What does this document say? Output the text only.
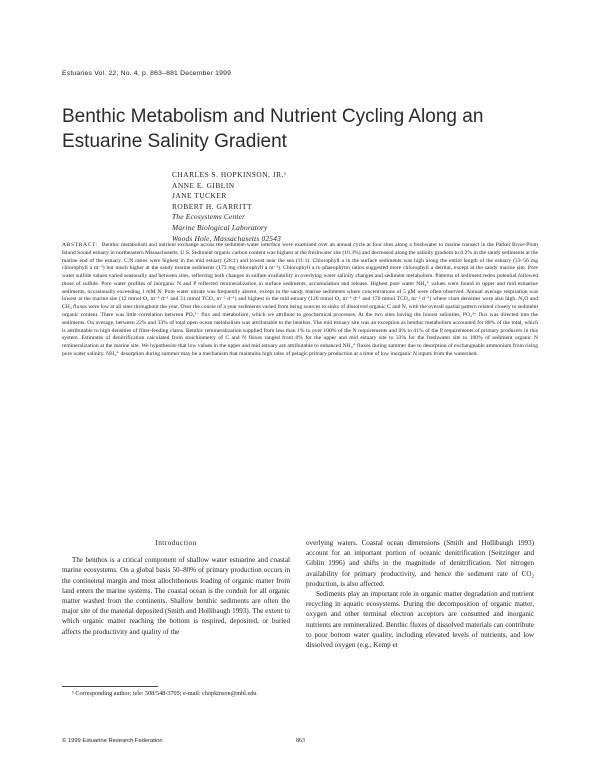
Estuaries Vol. 22, No. 4, p. 863–881 December 1999
Benthic Metabolism and Nutrient Cycling Along an Estuarine Salinity Gradient
CHARLES S. HOPKINSON, JR.¹
ANNE E. GIBLIN
JANE TUCKER
ROBERT H. GARRITT
The Ecosystems Center
Marine Biological Laboratory
Woods Hole, Massachusetts 02543

ABSTRACT: Benthic metabolism and nutrient exchange across the sediment-water interface were examined over an annual cycle at four sites along a freshwater to marine transect in the Parker River-Plum Island Sound estuary in northeastern Massachusetts. U.S. Sediment organic carbon content was highest at the freshwater site (10.3%) and decreased along the salinity gradient to 0.2% in the sandy sediments at the marine end of the estuary. C:N ratios were highest in the mid estuary (28:1) and lowest near the sea (11:1). Chlorophyll a in the surface sediments was high along the entire length of the estuary (33–56 mg chlorophyll a m⁻²) but much higher at the sandy marine sediments (173 mg chlorophyll a m⁻²). Chlorophyll a to phaeophytin ratios suggested more chlorophyll a detrital, except at the sandy marine site. Pore water sulfide values varied seasonally and between sites, reflecting both changes in sulfate availability in overlying water salinity changes and sediment metabolism. Patterns of sediment redox potential followed those of sulfide. Pore water profiles of inorganic N and P reflected remineralization in surface sediments, accumulation and release. Highest pore water NH₄⁺ values were found in upper and mid estuarine sediments, occasionally exceeding 1 mM N. Pore water nitrate was frequently absent, except in the sandy marine sediments where concentrations of 5 μM were often observed. Annual average respiration was lowest at the marine site (12 mmol O₂ m⁻² d⁻¹ and 31 mmol TCO₂ m⁻² d⁻¹) and highest in the mid estuary (120 mmol O₂ m⁻² d⁻¹ and 170 mmol TCO₂ m⁻² d⁻¹) where clam densities were also high. N₂O and CH₄ fluxes were low at all sites throughout the year. Over the course of a year sediments varied from being sources to sinks of dissolved organic C and N, with the overall spatial pattern related closely to sediment organic content. There was little correlation between PO₄³⁻ flux and metabolism, which we attribute to geochemical processes. At the two sites having the lowest salinities, PO₄³⁻ flux was directed into the sediments. On average, between 22% and 33% of total open ocean metabolism was attributable to the benthos. The mid estuary site was an exception as benthic metabolism accounted for 88% of the total, which is attributable to high densities of filter-feeding clams. Benthic remineralization supplied from less than 1% to over 100% of the N requirements and 0% to 41% of the P requirements of primary producers in this system. Estimates of denitrification calculated from stoichiometry of C and N fluxes ranged from 0% for the upper and mid estuary site to 33% for the freshwater site to 100% of sediment organic N remineralization at the marine site. We hypothesize that low values in the upper and mid estuary are attributable to enhanced NH₄⁺ fluxes during summer due to desorption of exchangeable ammonium from rising pore water salinity. NH₄⁺ desorption during summer may be a mechanism that maintains high rates of pelagic primary production at a time of low inorganic N inputs from the watershed.

Introduction

The benthos is a critical component of shallow water estuarine and coastal marine ecosystems. On a global basis 50–80% of primary production occurs in the continental margin and most allochthonous loading of organic matter from land enters the marine systems. The coastal ocean is the conduit for all organic matter washed from the continents. Shallow benthic sediments are often the major site of the material deposited (Smith and Hollibaugh 1993). The extent to which organic matter reaching the bottom is respired, deposited, or buried affects the productivity and quality of the

overlying waters. Coastal ocean dimensions (Smith and Hollibaugh 1993) account for an important portion of oceanic denitrification (Seitzinger and Giblin 1996) and shifts in the magnitude of denitrification. Net nitrogen availability for primary productivity, and hence the sediment rate of CO₂ production, is also affected.

Sediments play an important role in organic matter degradation and nutrient recycling in aquatic ecosystems. During the decomposition of organic matter, oxygen and other terminal electron acceptors are consumed and inorganic nutrients are remineralized. Benthic fluxes of dissolved materials can contribute to poor bottom water quality, including elevated levels of nutrients, and low dissolved oxygen (e.g., Kemp et

¹ Corresponding author; tele: 508/548-3705; e-mail: chopkinson@mbl.edu.

© 1999 Estuarine Research Federation	863
